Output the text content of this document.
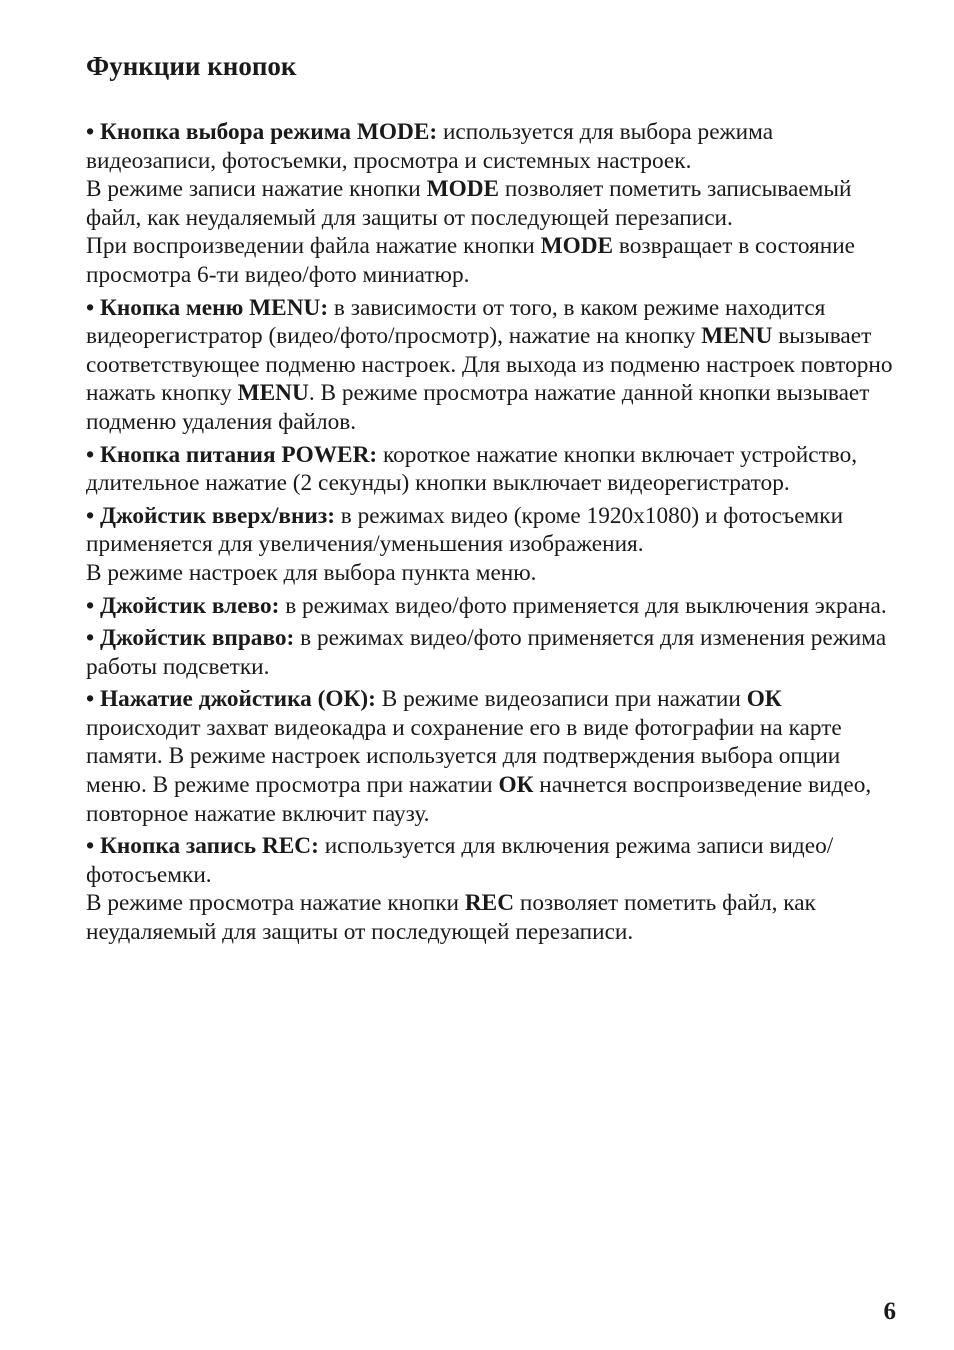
Функции кнопок

• Кнопка выбора режима MODE: используется для выбора режима видеозаписи, фотосъемки, просмотра и системных настроек.

В режиме записи нажатие кнопки MODE позволяет пометить записываемый файл, как неудаляемый для защиты от последующей перезаписи.

При воспроизведении файла нажатие кнопки MODE возвращает в состояние просмотра 6-ти видео/фото миниатюр.

• Кнопка меню MENU: в зависимости от того, в каком режиме находится видеорегистратор (видео/фото/просмотр), нажатие на кнопку MENU вызывает соответствующее подменю настроек. Для выхода из подменю настроек повторно нажать кнопку MENU. В режиме просмотра нажатие данной кнопки вызывает подменю удаления файлов.

• Кнопка питания POWER: короткое нажатие кнопки включает устройство, длительное нажатие (2 секунды) кнопки выключает видеорегистратор.

• Джойстик вверх/вниз: в режимах видео (кроме 1920x1080) и фотосъемки применяется для увеличения/уменьшения изображения.

В режиме настроек для выбора пункта меню.

• Джойстик влево: в режимах видео/фото применяется для выключения экрана.

• Джойстик вправо: в режимах видео/фото применяется для изменения режима работы подсветки.

• Нажатие джойстика (ОК): В режиме видеозаписи при нажатии ОК происходит захват видеокадра и сохранение его в виде фотографии на карте памяти. В режиме настроек используется для подтверждения выбора опции меню. В режиме просмотра при нажатии ОК начнется воспроизведение видео, повторное нажатие включит паузу.

• Кнопка запись REC: используется для включения режима записи видео/фотосъемки.

В режиме просмотра нажатие кнопки REC позволяет пометить файл, как неудаляемый для защиты от последующей перезаписи.

6
